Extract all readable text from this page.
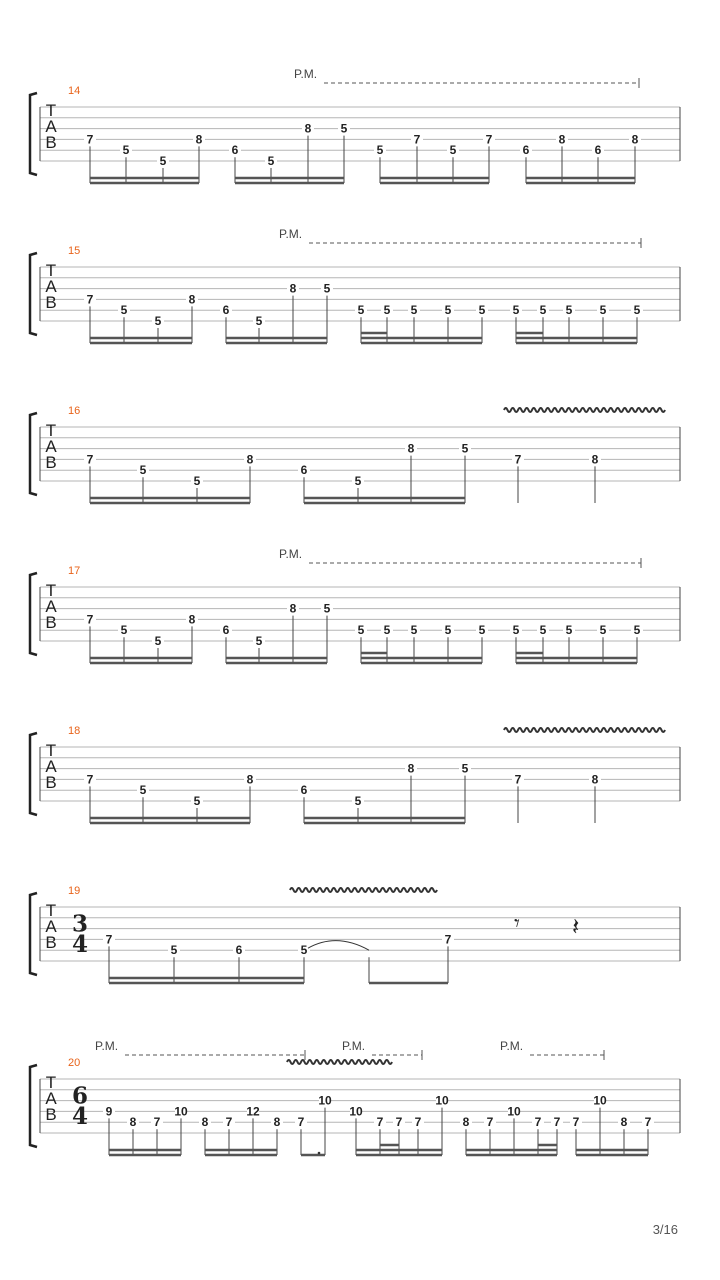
T
A
B
14
7
5
5
8
6
5
8 5
5
7
5
7
6
8
6
8
P.M.
T
A
B
15
7
5
5
8
6
5
8 5
5 5 5 5 5 5 5 5 5 5
P.M.
T
A
B
16
7
5
5
8
6
5
8	5
7	8
T
A
B
17
7
5
5
8
6
5
8 5
5 5 5 5 5 5 5 5 5 5
P.M.
T
A
B
18
7
5
5
8
6
5
8	5
7	8
T
A
B
19
3
4 7
5	6	5
7
𝄾 𝄽
T
A
B
20
6
4 9
8 7
10
8 7
12
8 7
10
10
7 7 7
10
8 7
10
7 7 7
10
8 7
P.M.	P.M.	P.M.
3/16
